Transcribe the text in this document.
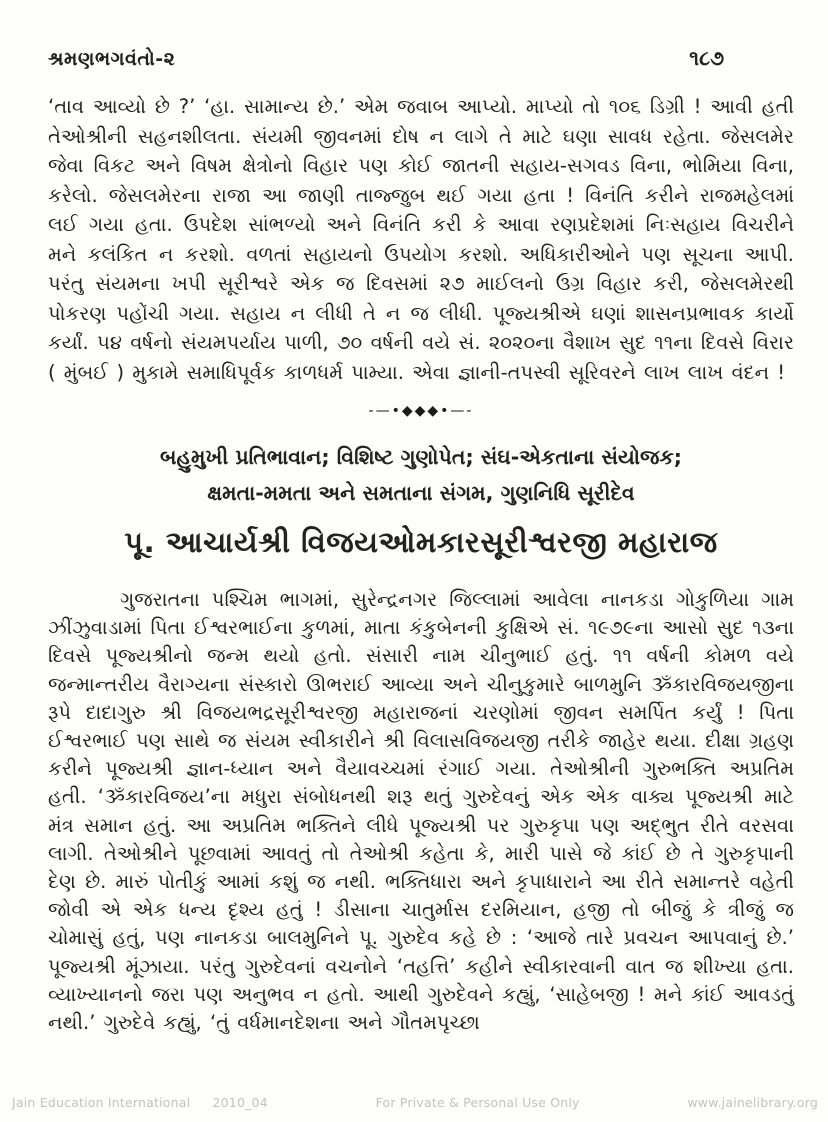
શ્રમણભગવંતો-૨	૧૮૭

‘તાવ આવ્યો છે ?’ ‘હા. સામાન્ય છે.’ એમ જવાબ આપ્યો. માપ્યો તો ૧૦૬ ડિગ્રી ! આવી હતી તેઓશ્રીની સહનશીલતા. સંયમી જીવનમાં દોષ ન લાગે તે માટે ઘણા સાવધ રહેતા. જેસલમેર જેવા વિકટ અને વિષમ ક્ષેત્રોનો વિહાર પણ કોઈ જાતની સહાય-સગવડ વિના, ભોમિયા વિના, કરેલો. જેસલમેરના રાજા આ જાણી તાજ્જુબ થઈ ગયા હતા ! વિનંતિ કરીને રાજમહેલમાં લઈ ગયા હતા. ઉપદેશ સાંભળ્યો અને વિનંતિ કરી કે આવા રણપ્રદેશમાં નિઃસહાય વિચરીને મને કલંકિત ન કરશો. વળતાં સહાયનો ઉપયોગ કરશો. અધિકારીઓને પણ સૂચના આપી. પરંતુ સંયમના ખપી સૂરીશ્વરે એક જ દિવસમાં ૨૭ માઈલનો ઉગ્ર વિહાર કરી, જેસલમેરથી પોકરણ પહોંચી ગયા. સહાય ન લીધી તે ન જ લીધી. પૂજ્યશ્રીએ ઘણાં શાસનપ્રભાવક કાર્યો કર્યાં. ૫૪ વર્ષનો સંયમપર્યાય પાળી, ૭૦ વર્ષની વયે સં. ૨૦૨૦ના વૈશાખ સુદ ૧૧ના દિવસે વિરાર ( મુંબઈ ) મુકામે સમાધિપૂર્વક કાળધર્મ પામ્યા. એવા જ્ઞાની-તપસ્વી સૂરિવરને લાખ લાખ વંદન !

-—•◆◆◆•—-
બહુમુખી પ્રતિભાવાન; વિશિષ્ટ ગુણોપેત; સંઘ-એકતાના સંયોજક;
ક્ષમતા-મમતા અને સમતાના સંગમ, ગુણનિધિ સૂરીદેવ
પૂ. આચાર્યશ્રી વિજયઓમકારસૂરીશ્વરજી મહારાજ

ગુજરાતના પશ્ચિમ ભાગમાં, સુરેન્દ્રનગર જિલ્લામાં આવેલા નાનકડા ગોકુળિયા ગામ ઝીંઝુવાડામાં પિતા ઈશ્વરભાઈના કુળમાં, માતા કંકુબેનની કુક્ષિએ સં. ૧૯૭૯ના આસો સુદ ૧૩ના દિવસે પૂજ્યશ્રીનો જન્મ થયો હતો. સંસારી નામ ચીનુભાઈ હતું. ૧૧ વર્ષની કોમળ વયે જન્માન્તરીય વૈરાગ્યના સંસ્કારો ઊભરાઈ આવ્યા અને ચીનુકુમારે બાળમુનિ ૐકારવિજયજીના રૂપે દાદાગુરુ શ્રી વિજયભદ્રસૂરીશ્વરજી મહારાજનાં ચરણોમાં જીવન સમર્પિત કર્યું ! પિતા ઈશ્વરભાઈ પણ સાથે જ સંયમ સ્વીકારીને શ્રી વિલાસવિજયજી તરીકે જાહેર થયા. દીક્ષા ગ્રહણ કરીને પૂજ્યશ્રી જ્ઞાન-ધ્યાન અને વૈયાવચ્ચમાં રંગાઈ ગયા. તેઓશ્રીની ગુરુભક્તિ અપ્રતિમ હતી. ‘ૐકારવિજય’ના મધુરા સંબોધનથી શરૂ થતું ગુરુદેવનું એક એક વાક્ય પૂજ્યશ્રી માટે મંત્ર સમાન હતું. આ અપ્રતિમ ભક્તિને લીધે પૂજ્યશ્રી પર ગુરુકૃપા પણ અદ્ભુત રીતે વરસવા લાગી. તેઓશ્રીને પૂછવામાં આવતું તો તેઓશ્રી કહેતા કે, મારી પાસે જે કાંઈ છે તે ગુરુકૃપાની દેણ છે. મારું પોતીકું આમાં કશું જ નથી. ભક્તિધારા અને કૃપાધારાને આ રીતે સમાન્તરે વહેતી જોવી એ એક ધન્ય દૃશ્ય હતું ! ડીસાના ચાતુર્માસ દરમિયાન, હજી તો બીજું કે ત્રીજું જ ચોમાસું હતું, પણ નાનકડા બાલમુનિને પૂ. ગુરુદેવ કહે છે : ‘આજે તારે પ્રવચન આપવાનું છે.’ પૂજ્યશ્રી મૂંઝાયા. પરંતુ ગુરુદેવનાં વચનોને ‘તહત્તિ’ કહીને સ્વીકારવાની વાત જ શીખ્યા હતા. વ્યાખ્યાનનો જરા પણ અનુભવ ન હતો. આથી ગુરુદેવને કહ્યું, ‘સાહેબજી ! મને કાંઈ આવડતું નથી.’ ગુરુદેવે કહ્યું, ‘તું વર્ધમાનદેશના અને ગૌતમપૃચ્છા

Jain Education International 2010_04	For Private & Personal Use Only	www.jainelibrary.org
